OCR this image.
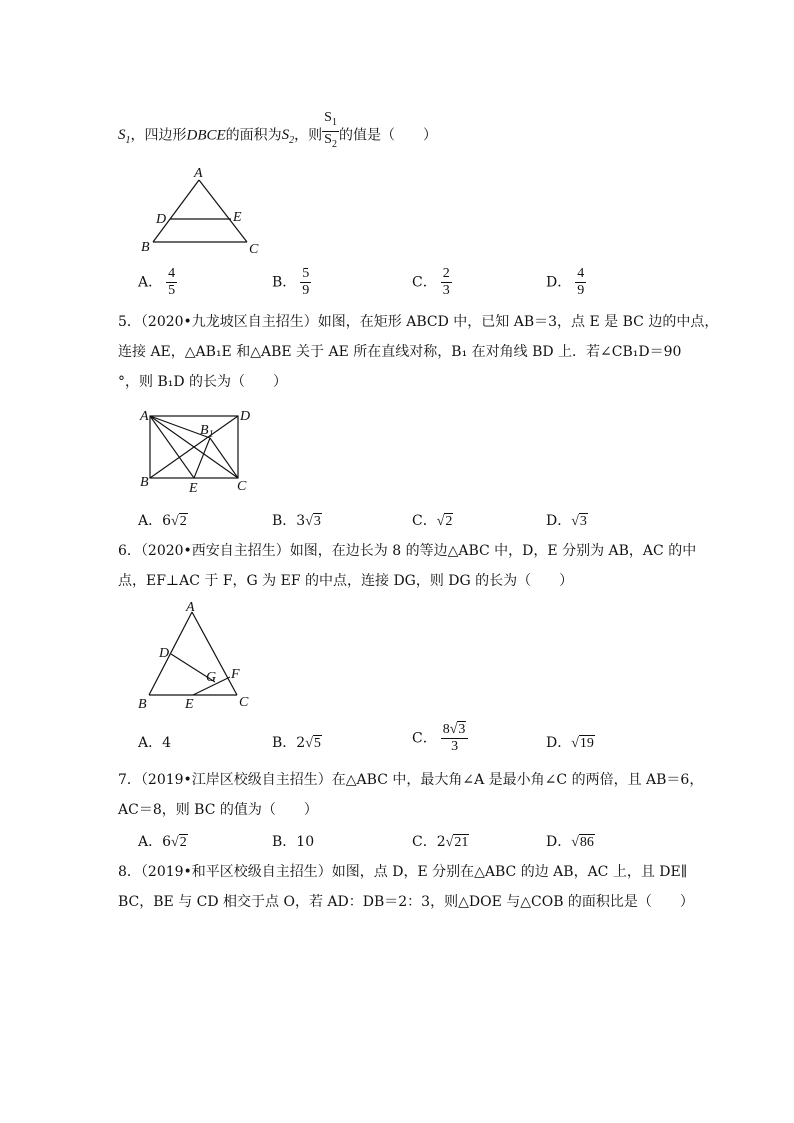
$S_1$，四边形DBCE的面积为$S_2$，则 $\frac{S_1}{S_2}$ 的值是（　　）
A
D	E
B	C
A． $\frac{4}{5}$	B． $\frac{5}{9}$	C． $\frac{2}{3}$	D． $\frac{4}{9}$
5．（2020•九龙坡区自主招生）如图，在矩形 ABCD 中，已知 AB＝3，点 E 是 BC 边的中点，
连接 AE，△AB₁E 和△ABE 关于 AE 所在直线对称，B₁ 在对角线 BD 上．若∠CB₁D＝90
°，则 B₁D 的长为（　　）
A	D
$B_1$
B	E	C
A．6√2	B．3√3	C．√2	D．√3
6．（2020•西安自主招生）如图，在边长为 8 的等边△ABC 中，D，E 分别为 AB，AC 的中
点，EF⊥AC 于 F，G 为 EF 的中点，连接 DG，则 DG 的长为（　　）
A
D
F
G
B	E	C
A．4	B．2√5	C． $\frac{8√3}{3}$	D．√19
7．（2019•江岸区校级自主招生）在△ABC 中，最大角∠A 是最小角∠C 的两倍，且 AB＝6，
AC＝8，则 BC 的值为（　　）
A．6√2	B．10	C．2√21	D．√86
8．（2019•和平区校级自主招生）如图，点 D，E 分别在△ABC 的边 AB，AC 上，且 DE∥
BC，BE 与 CD 相交于点 O，若 AD：DB＝2：3，则△DOE 与△COB 的面积比是（　　）
